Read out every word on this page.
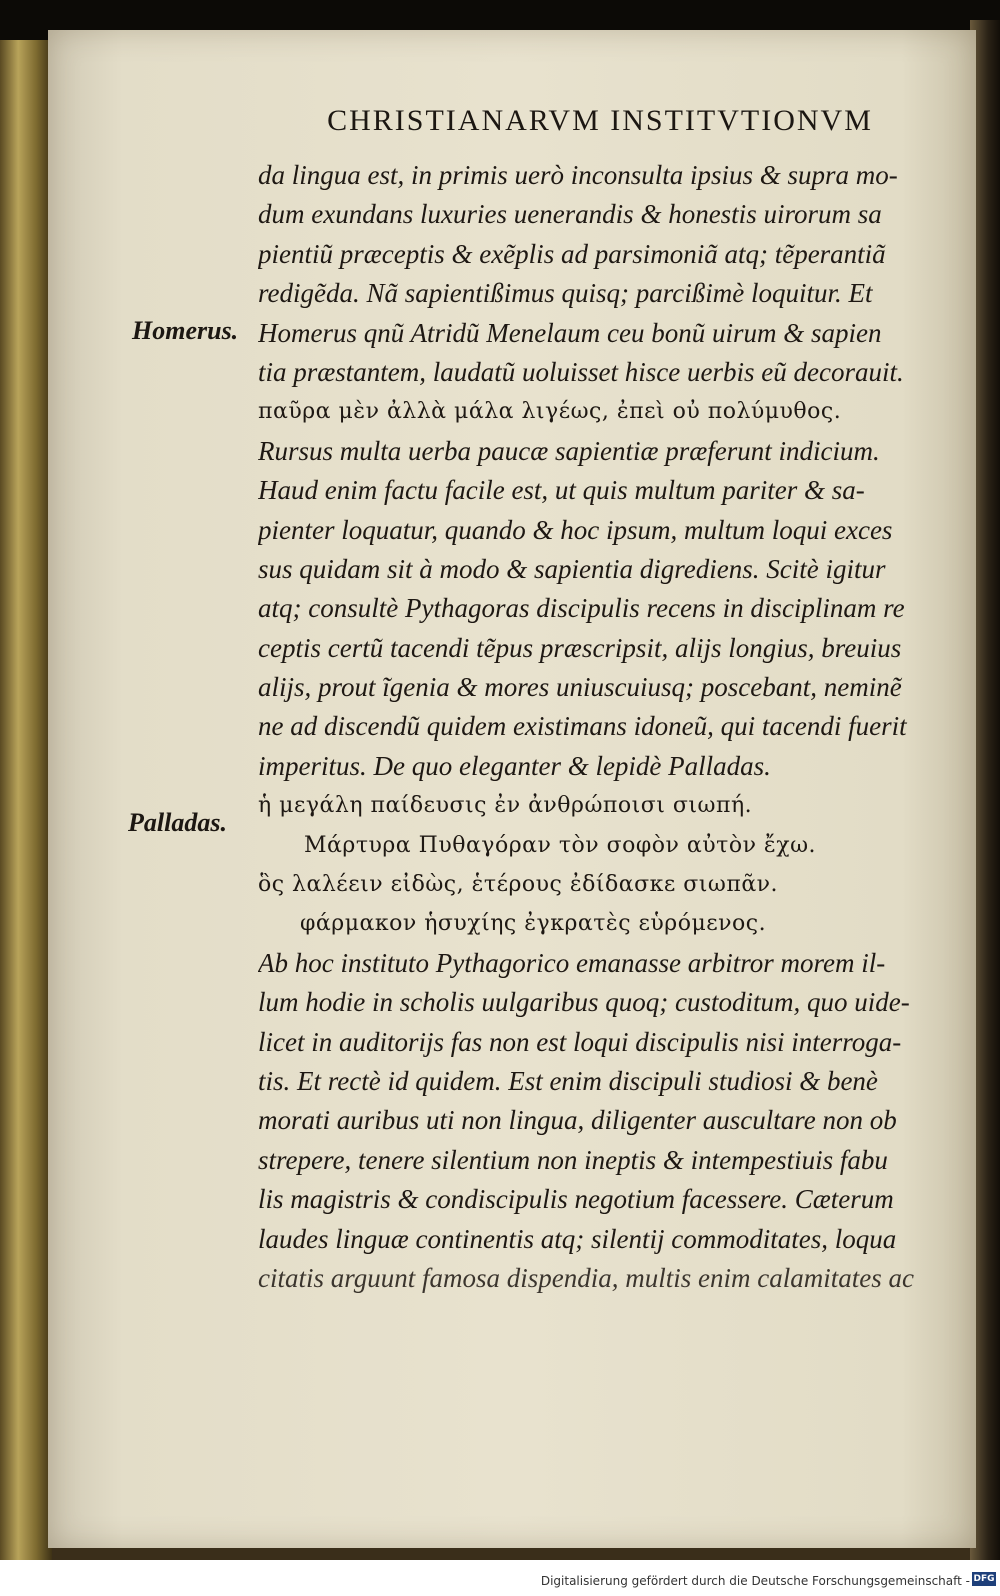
CHRISTIANARVM INSTITVTIONVM
Homerus.
Palladas.
da lingua est, in primis uerò inconsulta ipsius & supra mo-
dum exundans luxuries uenerandis & honestis uirorum sa
pientiũ præceptis & exẽplis ad parsimoniã atq; tẽperantiã
redigẽda. Nã sapientißimus quisq; parcißimè loquitur. Et
Homerus qnũ Atridũ Menelaum ceu bonũ uirum & sapien
tia præstantem, laudatũ uoluisset hisce uerbis eũ decorauit.
παῦρα μὲν ἀλλὰ μάλα λιγέως, ἐπεὶ οὐ πολύμυθος.
Rursus multa uerba paucæ sapientiæ præferunt indicium.
Haud enim factu facile est, ut quis multum pariter & sa-
pienter loquatur, quando & hoc ipsum, multum loqui exces
sus quidam sit à modo & sapientia digrediens. Scitè igitur
atq; consultè Pythagoras discipulis recens in disciplinam re
ceptis certũ tacendi tẽpus præscripsit, alijs longius, breuius
alijs, prout ĩgenia & mores uniuscuiusq; poscebant, neminẽ
ne ad discendũ quidem existimans idoneũ, qui tacendi fuerit
imperitus. De quo eleganter & lepidè Palladas.
ἡ μεγάλη παίδευσις ἐν ἀνθρώποισι σιωπή.
Μάρτυρα Πυθαγόραν τὸν σοφὸν αὐτὸν ἔχω.
ὃς λαλέειν εἰδὼς, ἑτέρους ἐδίδασκε σιωπᾶν.
φάρμακον ἡσυχίης ἐγκρατὲς εὑρόμενος.
Ab hoc instituto Pythagorico emanasse arbitror morem il-
lum hodie in scholis uulgaribus quoq; custoditum, quo uide-
licet in auditorijs fas non est loqui discipulis nisi interroga-
tis. Et rectè id quidem. Est enim discipuli studiosi & benè
morati auribus uti non lingua, diligenter auscultare non ob
strepere, tenere silentium non ineptis & intempestiuis fabu
lis magistris & condiscipulis negotium facessere. Cæterum
laudes linguæ continentis atq; silentij commoditates, loqua
citatis arguunt famosa dispendia, multis enim calamitates ac
Digitalisierung gefördert durch die Deutsche Forschungsgemeinschaft - DFG
